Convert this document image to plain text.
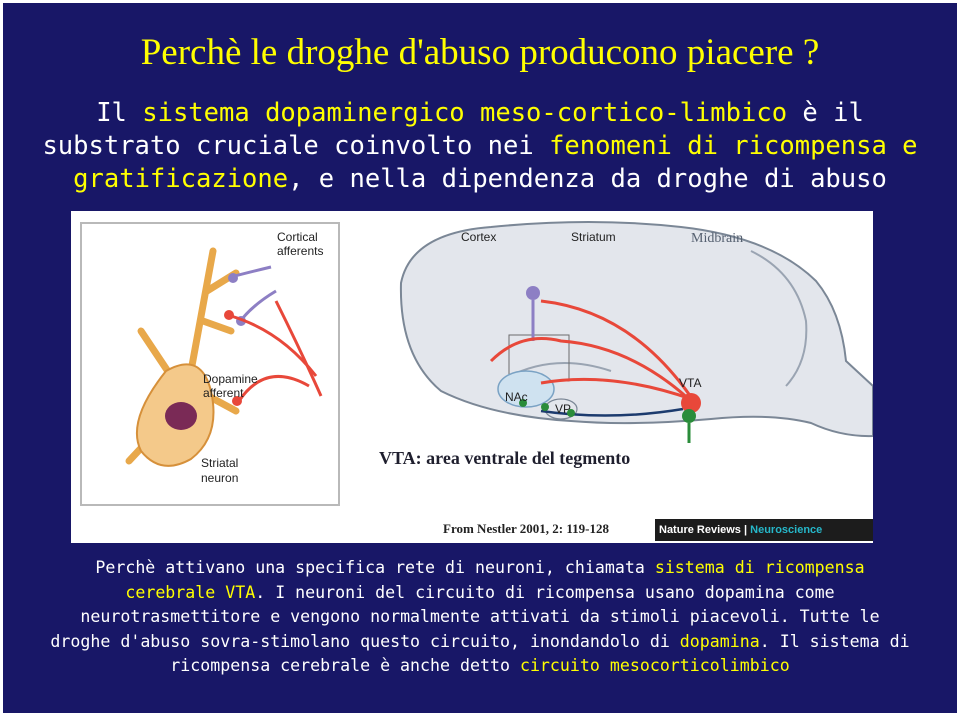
Perchè le droghe d'abuso producono piacere ?
Il sistema dopaminergico meso-cortico-limbico è il
substrato cruciale coinvolto nei fenomeni di ricompensa e
gratificazione, e nella dipendenza da droghe di abuso
Cortical
afferents
Dopamine
afferent
Striatal
neuron
Cortex	Striatum
VTA
NAc
VP
Midbrain
VTA: area ventrale del tegmento
From Nestler 2001, 2: 119-128	Nature Reviews | Neuroscience
Perchè attivano una specifica rete di neuroni, chiamata sistema di ricompensa
cerebrale VTA. I neuroni del circuito di ricompensa usano dopamina come
neurotrasmettitore e vengono normalmente attivati da stimoli piacevoli. Tutte le
droghe d'abuso sovra-stimolano questo circuito, inondandolo di dopamina. Il sistema di
ricompensa cerebrale è anche detto circuito mesocorticolimbico
